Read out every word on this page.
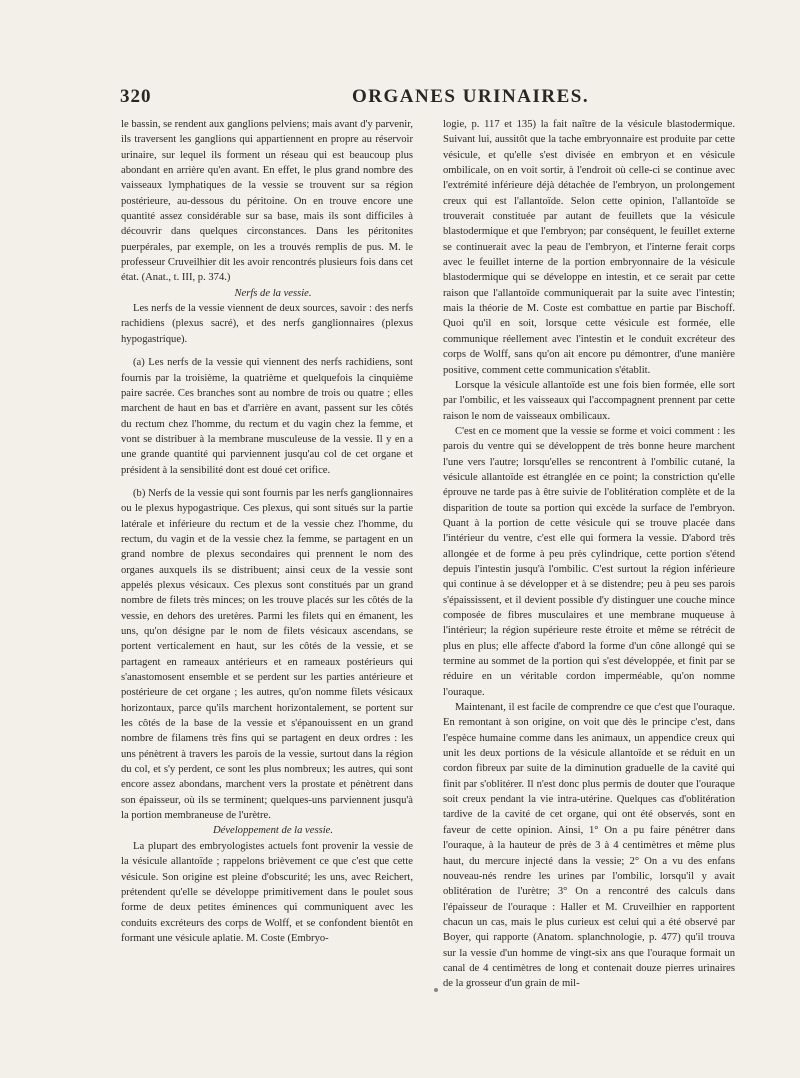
320	ORGANES URINAIRES.

le bassin, se rendent aux ganglions pelviens; mais avant d'y parvenir, ils traversent les ganglions qui appartiennent en propre au réservoir urinaire, sur lequel ils forment un réseau qui est beaucoup plus abondant en arrière qu'en avant. En effet, le plus grand nombre des vaisseaux lymphatiques de la vessie se trouvent sur sa région postérieure, au-dessous du péritoine. On en trouve encore une quantité assez considérable sur sa base, mais ils sont difficiles à découvrir dans quelques circonstances. Dans les péritonites puerpérales, par exemple, on les a trouvés remplis de pus. M. le professeur Cruveilhier dit les avoir rencontrés plusieurs fois dans cet état. (Anat., t. III, p. 374.)

Nerfs de la vessie.

Les nerfs de la vessie viennent de deux sources, savoir : des nerfs rachidiens (plexus sacré), et des nerfs ganglionnaires (plexus hypogastrique).

(a) Les nerfs de la vessie qui viennent des nerfs rachidiens, sont fournis par la troisième, la quatrième et quelquefois la cinquième paire sacrée. Ces branches sont au nombre de trois ou quatre ; elles marchent de haut en bas et d'arrière en avant, passent sur les côtés du rectum chez l'homme, du rectum et du vagin chez la femme, et vont se distribuer à la membrane musculeuse de la vessie. Il y en a une grande quantité qui parviennent jusqu'au col de cet organe et président à la sensibilité dont est doué cet orifice.

(b) Nerfs de la vessie qui sont fournis par les nerfs ganglionnaires ou le plexus hypogastrique. Ces plexus, qui sont situés sur la partie latérale et inférieure du rectum et de la vessie chez l'homme, du rectum, du vagin et de la vessie chez la femme, se partagent en un grand nombre de plexus secondaires qui prennent le nom des organes auxquels ils se distribuent; ainsi ceux de la vessie sont appelés plexus vésicaux. Ces plexus sont constitués par un grand nombre de filets très minces; on les trouve placés sur les côtés de la vessie, en dehors des uretères. Parmi les filets qui en émanent, les uns, qu'on désigne par le nom de filets vésicaux ascendans, se portent verticalement en haut, sur les côtés de la vessie, et se partagent en rameaux antérieurs et en rameaux postérieurs qui s'anastomosent ensemble et se perdent sur les parties antérieure et postérieure de cet organe ; les autres, qu'on nomme filets vésicaux horizontaux, parce qu'ils marchent horizontalement, se portent sur les côtés de la base de la vessie et s'épanouissent en un grand nombre de filamens très fins qui se partagent en deux ordres : les uns pénètrent à travers les parois de la vessie, surtout dans la région du col, et s'y perdent, ce sont les plus nombreux; les autres, qui sont encore assez abondans, marchent vers la prostate et pénètrent dans son épaisseur, où ils se terminent; quelques-uns parviennent jusqu'à la portion membraneuse de l'urètre.

Développement de la vessie.

La plupart des embryologistes actuels font provenir la vessie de la vésicule allantoïde ; rappelons brièvement ce que c'est que cette vésicule. Son origine est pleine d'obscurité; les uns, avec Reichert, prétendent qu'elle se développe primitivement dans le poulet sous forme de deux petites éminences qui communiquent avec les conduits excréteurs des corps de Wolff, et se confondent bientôt en formant une vésicule aplatie. M. Coste (Embryo-

logie, p. 117 et 135) la fait naître de la vésicule blastodermique. Suivant lui, aussitôt que la tache embryonnaire est produite par cette vésicule, et qu'elle s'est divisée en embryon et en vésicule ombilicale, on en voit sortir, à l'endroit où celle-ci se continue avec l'extrémité inférieure déjà détachée de l'embryon, un prolongement creux qui est l'allantoïde. Selon cette opinion, l'allantoïde se trouverait constituée par autant de feuillets que la vésicule blastodermique et que l'embryon; par conséquent, le feuillet externe se continuerait avec la peau de l'embryon, et l'interne ferait corps avec le feuillet interne de la portion embryonnaire de la vésicule blastodermique qui se développe en intestin, et ce serait par cette raison que l'allantoïde communiquerait par la suite avec l'intestin; mais la théorie de M. Coste est combattue en partie par Bischoff. Quoi qu'il en soit, lorsque cette vésicule est formée, elle communique réellement avec l'intestin et le conduit excréteur des corps de Wolff, sans qu'on ait encore pu démontrer, d'une manière positive, comment cette communication s'établit.

Lorsque la vésicule allantoïde est une fois bien formée, elle sort par l'ombilic, et les vaisseaux qui l'accompagnent prennent par cette raison le nom de vaisseaux ombilicaux.

C'est en ce moment que la vessie se forme et voici comment : les parois du ventre qui se développent de très bonne heure marchent l'une vers l'autre; lorsqu'elles se rencontrent à l'ombilic cutané, la vésicule allantoïde est étranglée en ce point; la constriction qu'elle éprouve ne tarde pas à être suivie de l'oblitération complète et de la disparition de toute sa portion qui excède la surface de l'embryon. Quant à la portion de cette vésicule qui se trouve placée dans l'intérieur du ventre, c'est elle qui formera la vessie. D'abord très allongée et de forme à peu près cylindrique, cette portion s'étend depuis l'intestin jusqu'à l'ombilic. C'est surtout la région inférieure qui continue à se développer et à se distendre; peu à peu ses parois s'épaississent, et il devient possible d'y distinguer une couche mince composée de fibres musculaires et une membrane muqueuse à l'intérieur; la région supérieure reste étroite et même se rétrécit de plus en plus; elle affecte d'abord la forme d'un cône allongé qui se termine au sommet de la portion qui s'est développée, et finit par se réduire en un véritable cordon imperméable, qu'on nomme l'ouraque.

Maintenant, il est facile de comprendre ce que c'est que l'ouraque. En remontant à son origine, on voit que dès le principe c'est, dans l'espèce humaine comme dans les animaux, un appendice creux qui unit les deux portions de la vésicule allantoïde et se réduit en un cordon fibreux par suite de la diminution graduelle de la cavité qui finit par s'oblitérer. Il n'est donc plus permis de douter que l'ouraque soit creux pendant la vie intra-utérine. Quelques cas d'oblitération tardive de la cavité de cet organe, qui ont été observés, sont en faveur de cette opinion. Ainsi, 1° On a pu faire pénétrer dans l'ouraque, à la hauteur de près de 3 à 4 centimètres et même plus haut, du mercure injecté dans la vessie; 2° On a vu des enfans nouveau-nés rendre les urines par l'ombilic, lorsqu'il y avait oblitération de l'urètre; 3° On a rencontré des calculs dans l'épaisseur de l'ouraque : Haller et M. Cruveilhier en rapportent chacun un cas, mais le plus curieux est celui qui a été observé par Boyer, qui rapporte (Anatom. splanchnologie, p. 477) qu'il trouva sur la vessie d'un homme de vingt-six ans que l'ouraque formait un canal de 4 centimètres de long et contenait douze pierres urinaires de la grosseur d'un grain de mil-
